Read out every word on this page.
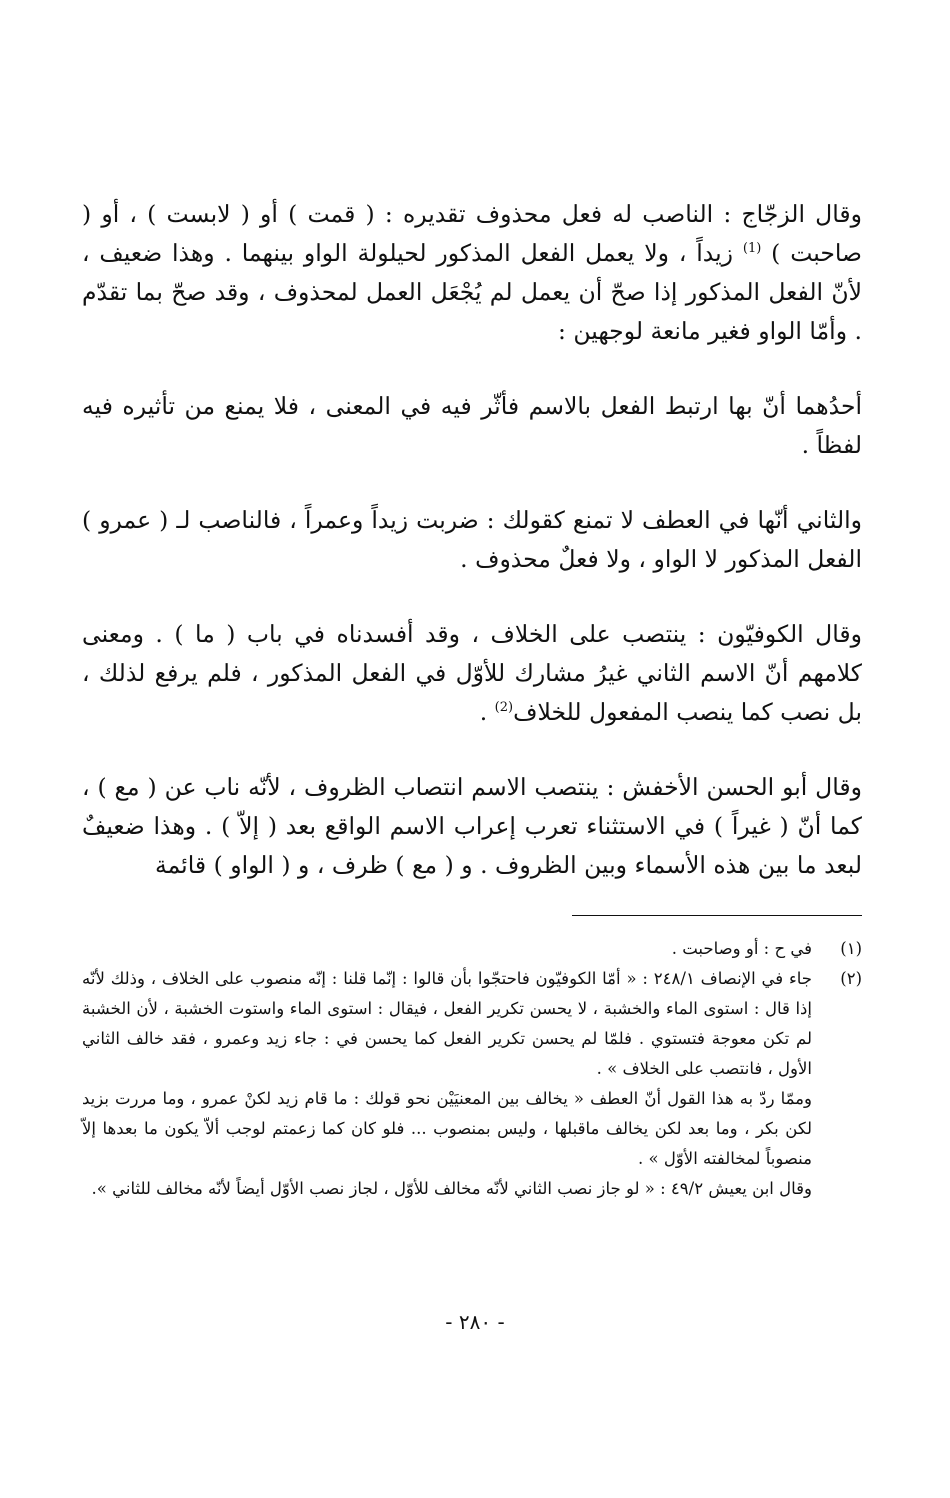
وقال الزجّاج : الناصب له فعل محذوف تقديره : ( قمت ) أو ( لابست ) ، أو ( صاحبت ) $^{(1)}$ زيداً ، ولا يعمل الفعل المذكور لحيلولة الواو بينهما . وهذا ضعيف ، لأنّ الفعل المذكور إذا صحّ أن يعمل لم يُجْعَل العمل لمحذوف ، وقد صحّ بما تقدّم . وأمّا الواو فغير مانعة لوجهين :

أحدُهما أنّ بها ارتبط الفعل بالاسم فأثّر فيه في المعنى ، فلا يمنع من تأثيره فيه لفظاً .

والثاني أنّها في العطف لا تمنع كقولك : ضربت زيداً وعمراً ، فالناصب لـ ( عمرو ) الفعل المذكور لا الواو ، ولا فعلٌ محذوف .

وقال الكوفيّون : ينتصب على الخلاف ، وقد أفسدناه في باب ( ما ) . ومعنى كلامهم أنّ الاسم الثاني غيرُ مشارك للأوّل في الفعل المذكور ، فلم يرفع لذلك ، بل نصب كما ينصب المفعول للخلاف$^{(2)}$ .

وقال أبو الحسن الأخفش : ينتصب الاسم انتصاب الظروف ، لأنّه ناب عن ( مع ) ، كما أنّ ( غيراً ) في الاستثناء تعرب إعراب الاسم الواقع بعد ( إلاّ ) . وهذا ضعيفٌ لبعد ما بين هذه الأسماء وبين الظروف . و ( مع ) ظرف ، و ( الواو ) قائمة

(١)

في ح : أو وصاحبت .

(٢)

جاء في الإنصاف ٢٤٨/١ : « أمّا الكوفيّون فاحتجّوا بأن قالوا : إنّما قلنا : إنّه منصوب على الخلاف ، وذلك لأنّه إذا قال : استوى الماء والخشبة ، لا يحسن تكرير الفعل ، فيقال : استوى الماء واستوت الخشبة ، لأن الخشبة لم تكن معوجة فتستوي . فلمّا لم يحسن تكرير الفعل كما يحسن في : جاء زيد وعمرو ، فقد خالف الثاني الأول ، فانتصب على الخلاف » .

وممّا ردّ به هذا القول أنّ العطف « يخالف بين المعنيَيْن نحو قولك : ما قام زيد لكنْ عمرو ، وما مررت بزيد لكن بكر ، وما بعد لكن يخالف ماقبلها ، وليس بمنصوب ... فلو كان كما زعمتم لوجب ألاّ يكون ما بعدها إلاّ منصوباً لمخالفته الأوّل » .

وقال ابن يعيش ٤٩/٢ : « لو جاز نصب الثاني لأنّه مخالف للأوّل ، لجاز نصب الأوّل أيضاً لأنّه مخالف للثاني ».

- ٢٨٠ -
